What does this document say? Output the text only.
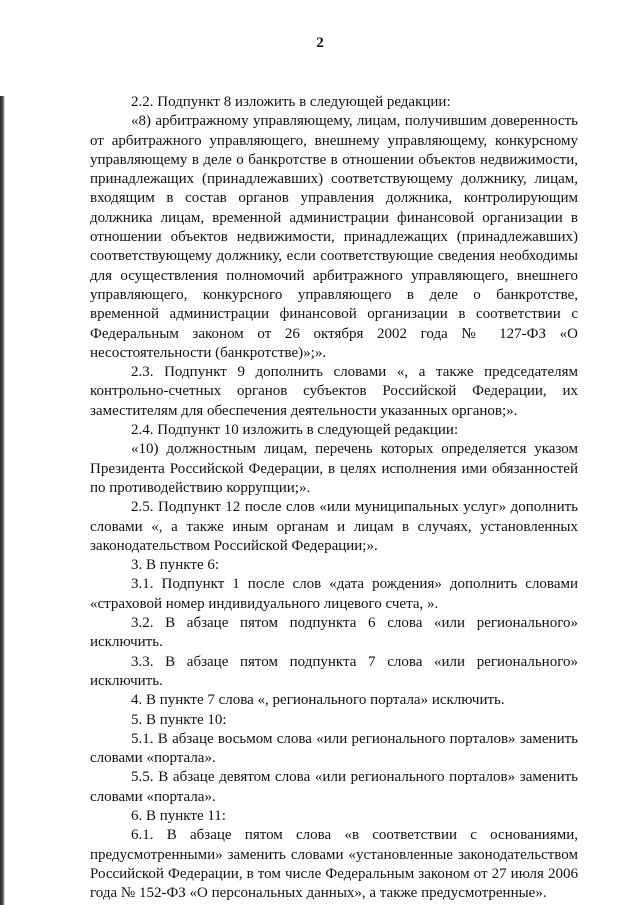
2

2.2. Подпункт 8 изложить в следующей редакции:

«8) арбитражному управляющему, лицам, получившим доверенность от арбитражного управляющего, внешнему управляющему, конкурсному управляющему в деле о банкротстве в отношении объектов недвижимости, принадлежащих (принадлежавших) соответствующему должнику, лицам, входящим в состав органов управления должника, контролирующим должника лицам, временной администрации финансовой организации в отношении объектов недвижимости, принадлежащих (принадлежавших) соответствующему должнику, если соответствующие сведения необходимы для осуществления полномочий арбитражного управляющего, внешнего управляющего, конкурсного управляющего в деле о банкротстве, временной администрации финансовой организации в соответствии с Федеральным законом от 26 октября 2002 года № 127-ФЗ «О несостоятельности (банкротстве)»;».

2.3. Подпункт 9 дополнить словами «, а также председателям контрольно-счетных органов субъектов Российской Федерации, их заместителям для обеспечения деятельности указанных органов;».

2.4. Подпункт 10 изложить в следующей редакции:

«10) должностным лицам, перечень которых определяется указом Президента Российской Федерации, в целях исполнения ими обязанностей по противодействию коррупции;».

2.5. Подпункт 12 после слов «или муниципальных услуг» дополнить словами «, а также иным органам и лицам в случаях, установленных законодательством Российской Федерации;».

3. В пункте 6:

3.1. Подпункт 1 после слов «дата рождения» дополнить словами «страховой номер индивидуального лицевого счета, ».

3.2. В абзаце пятом подпункта 6 слова «или регионального» исключить.

3.3. В абзаце пятом подпункта 7 слова «или регионального» исключить.

4. В пункте 7 слова «, регионального портала» исключить.

5. В пункте 10:

5.1. В абзаце восьмом слова «или регионального порталов» заменить словами «портала».

5.5. В абзаце девятом слова «или регионального порталов» заменить словами «портала».

6. В пункте 11:

6.1. В абзаце пятом слова «в соответствии с основаниями, предусмотренными» заменить словами «установленные законодательством Российской Федерации, в том числе Федеральным законом от 27 июля 2006 года № 152-ФЗ «О персональных данных», а также предусмотренные».
